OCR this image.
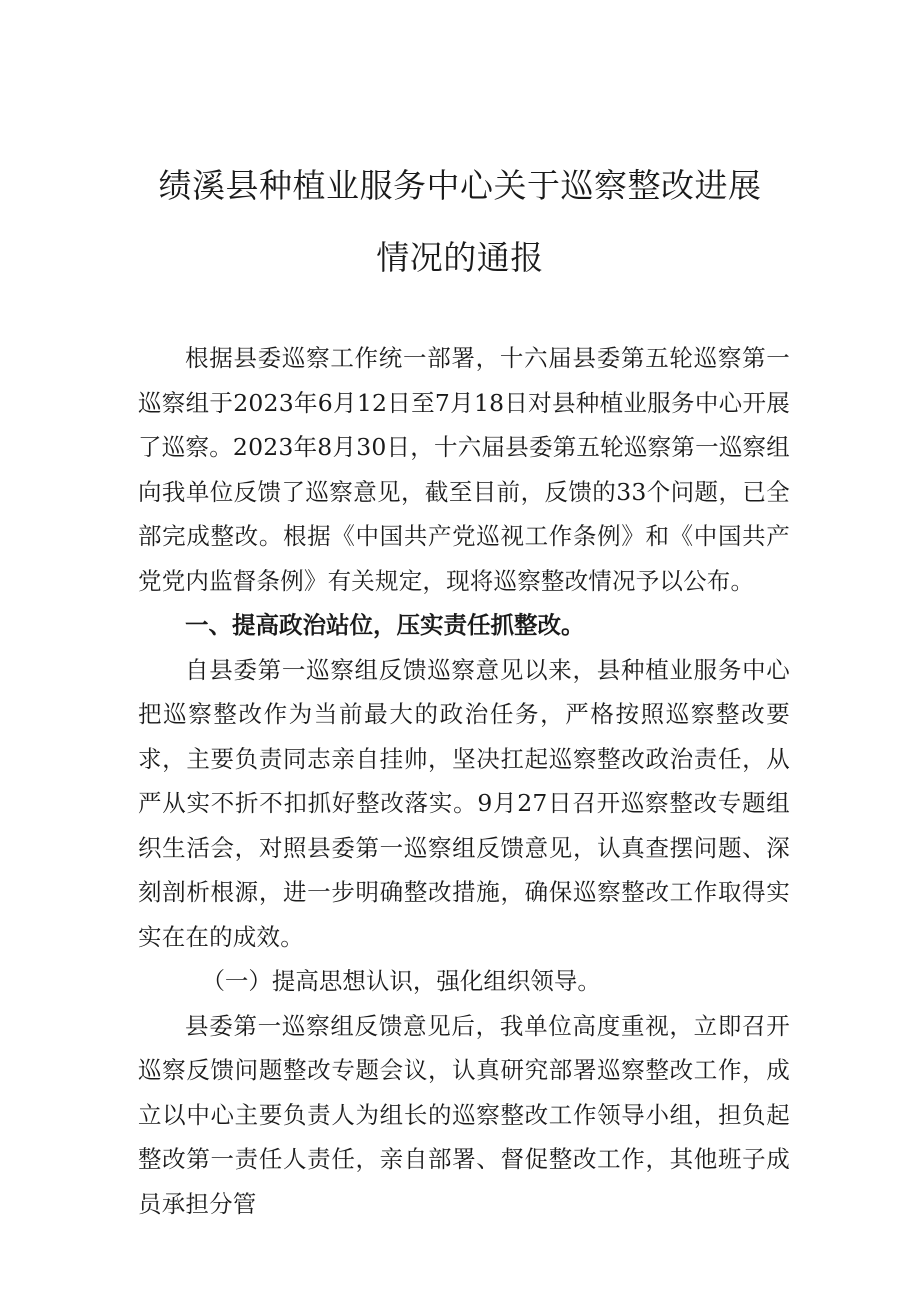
绩溪县种植业服务中心关于巡察整改进展
情况的通报

根据县委巡察工作统一部署，十六届县委第五轮巡察第一巡察组于2023年6月12日至7月18日对县种植业服务中心开展了巡察。2023年8月30日，十六届县委第五轮巡察第一巡察组向我单位反馈了巡察意见，截至目前，反馈的33个问题，已全部完成整改。根据《中国共产党巡视工作条例》和《中国共产党党内监督条例》有关规定，现将巡察整改情况予以公布。

一、提高政治站位，压实责任抓整改。

自县委第一巡察组反馈巡察意见以来，县种植业服务中心把巡察整改作为当前最大的政治任务，严格按照巡察整改要求，主要负责同志亲自挂帅，坚决扛起巡察整改政治责任，从严从实不折不扣抓好整改落实。9月27日召开巡察整改专题组织生活会，对照县委第一巡察组反馈意见，认真查摆问题、深刻剖析根源，进一步明确整改措施，确保巡察整改工作取得实实在在的成效。

（一）提高思想认识，强化组织领导。

县委第一巡察组反馈意见后，我单位高度重视，立即召开巡察反馈问题整改专题会议，认真研究部署巡察整改工作，成立以中心主要负责人为组长的巡察整改工作领导小组，担负起整改第一责任人责任，亲自部署、督促整改工作，其他班子成员承担分管
